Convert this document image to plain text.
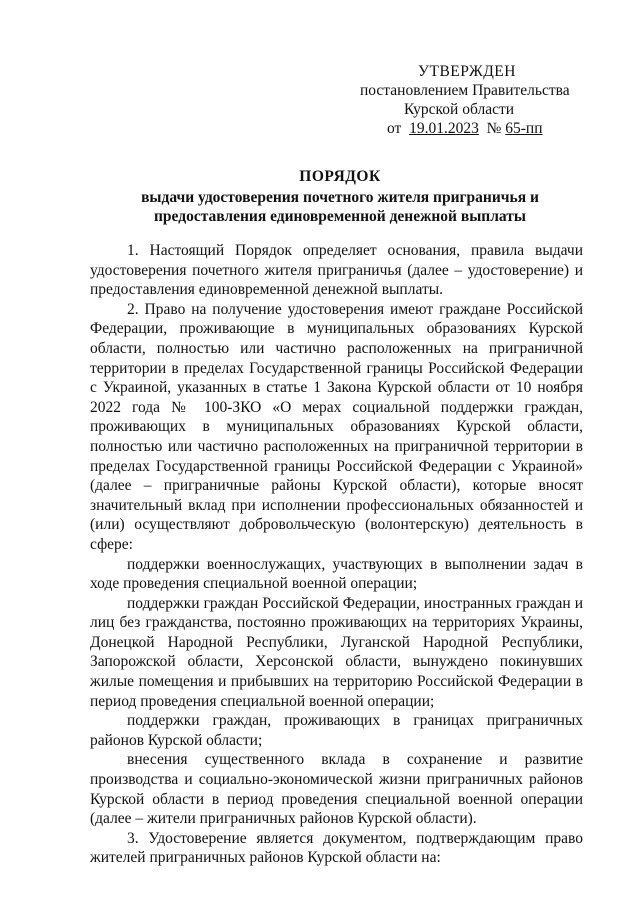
УТВЕРЖДЕН
постановлением Правительства
Курской области
от 19.01.2023 № 65-пп
ПОРЯДОК
выдачи удостоверения почетного жителя приграничья и
предоставления единовременной денежной выплаты

1. Настоящий Порядок определяет основания, правила выдачи удостоверения почетного жителя приграничья (далее – удостоверение) и предоставления единовременной денежной выплаты.

2. Право на получение удостоверения имеют граждане Российской Федерации, проживающие в муниципальных образованиях Курской области, полностью или частично расположенных на приграничной территории в пределах Государственной границы Российской Федерации с Украиной, указанных в статье 1 Закона Курской области от 10 ноября 2022 года № 100-ЗКО «О мерах социальной поддержки граждан, проживающих в муниципальных образованиях Курской области, полностью или частично расположенных на приграничной территории в пределах Государственной границы Российской Федерации с Украиной» (далее – приграничные районы Курской области), которые вносят значительный вклад при исполнении профессиональных обязанностей и (или) осуществляют добровольческую (волонтерскую) деятельность в сфере:

поддержки военнослужащих, участвующих в выполнении задач в ходе проведения специальной военной операции;

поддержки граждан Российской Федерации, иностранных граждан и лиц без гражданства, постоянно проживающих на территориях Украины, Донецкой Народной Республики, Луганской Народной Республики, Запорожской области, Херсонской области, вынуждено покинувших жилые помещения и прибывших на территорию Российской Федерации в период проведения специальной военной операции;

поддержки граждан, проживающих в границах приграничных районов Курской области;

внесения существенного вклада в сохранение и развитие производства и социально-экономической жизни приграничных районов Курской области в период проведения специальной военной операции (далее – жители приграничных районов Курской области).

3. Удостоверение является документом, подтверждающим право жителей приграничных районов Курской области на:
